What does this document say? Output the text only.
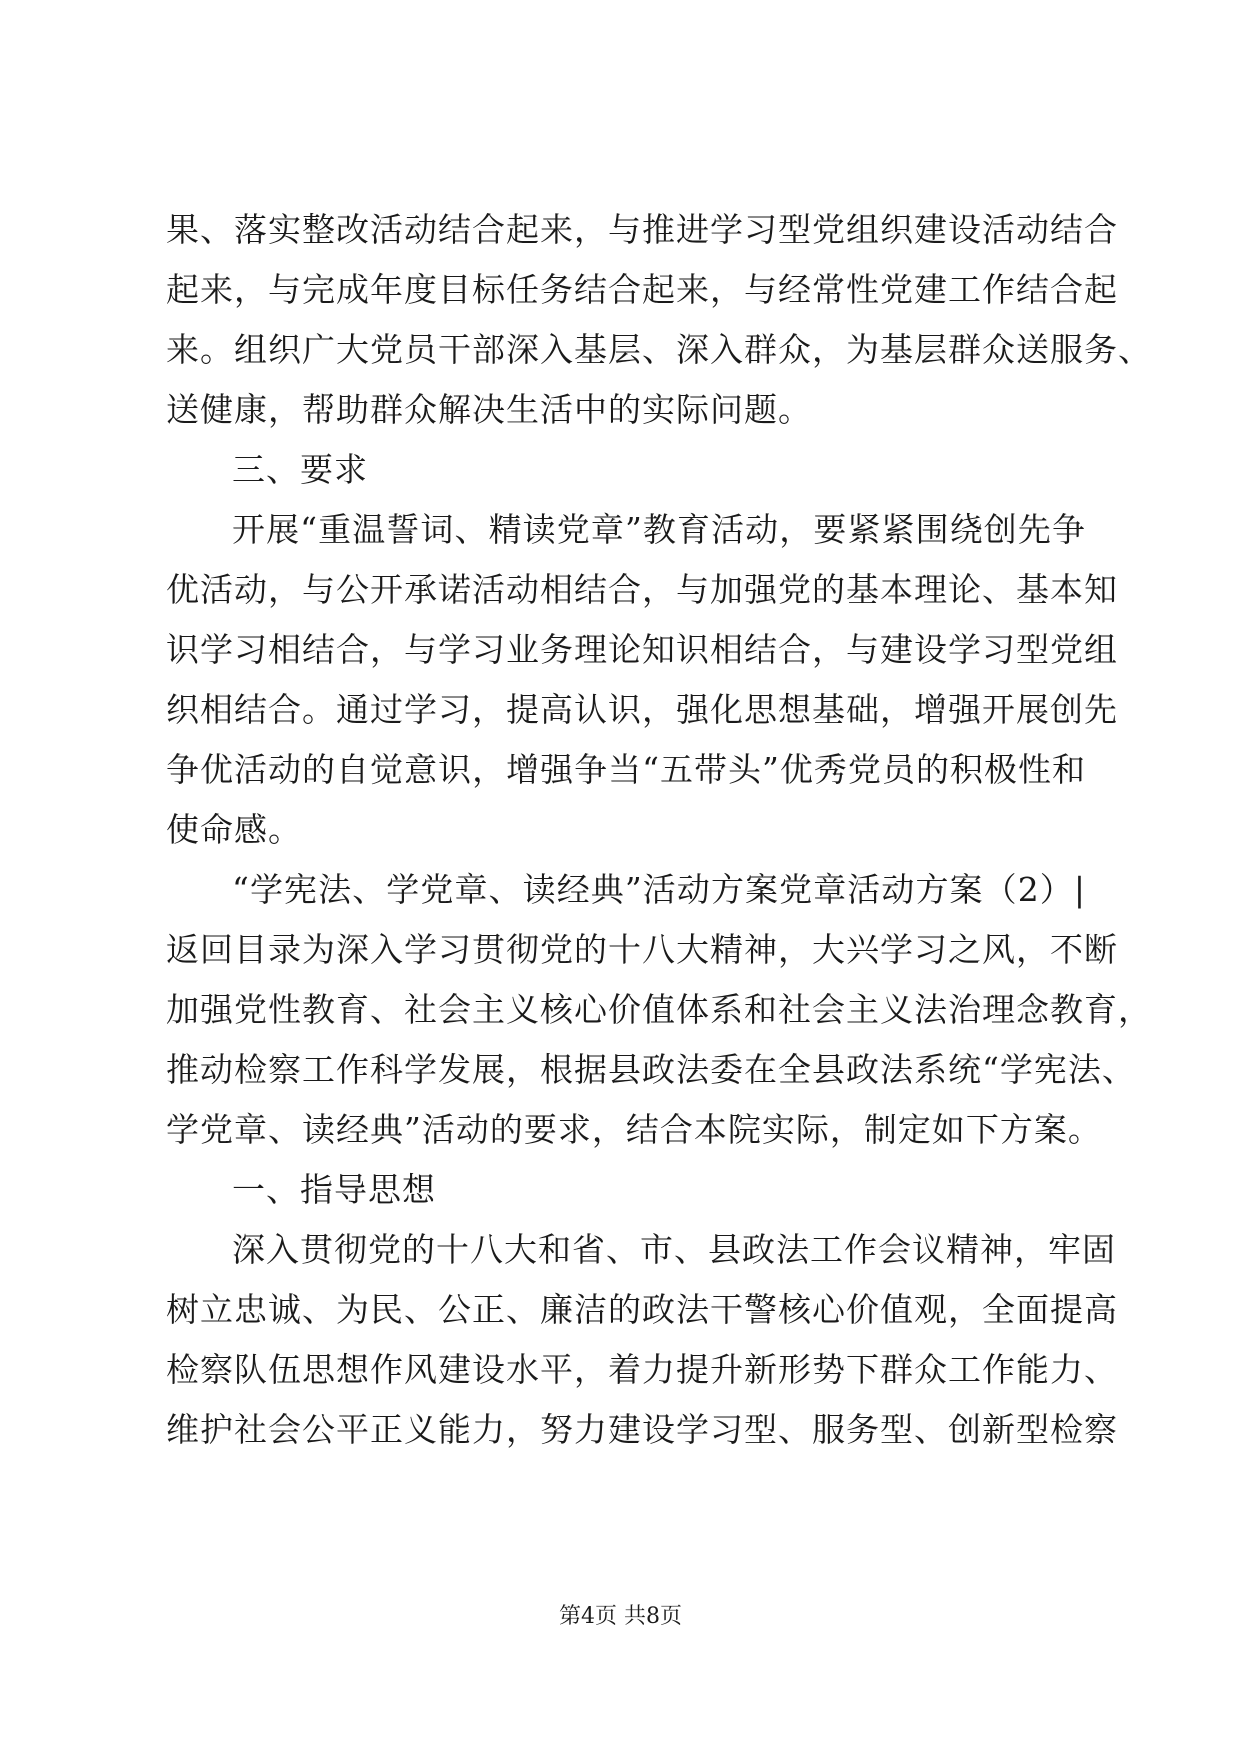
果、落实整改活动结合起来，与推进学习型党组织建设活动结合
起来，与完成年度目标任务结合起来，与经常性党建工作结合起
来。组织广大党员干部深入基层、深入群众，为基层群众送服务、
送健康，帮助群众解决生活中的实际问题。
三、要求
开展“重温誓词、精读党章”教育活动，要紧紧围绕创先争
优活动，与公开承诺活动相结合，与加强党的基本理论、基本知
识学习相结合，与学习业务理论知识相结合，与建设学习型党组
织相结合。通过学习，提高认识，强化思想基础，增强开展创先
争优活动的自觉意识，增强争当“五带头”优秀党员的积极性和
使命感。
“学宪法、学党章、读经典”活动方案党章活动方案（2）|
返回目录为深入学习贯彻党的十八大精神，大兴学习之风，不断
加强党性教育、社会主义核心价值体系和社会主义法治理念教育，
推动检察工作科学发展，根据县政法委在全县政法系统“学宪法、
学党章、读经典”活动的要求，结合本院实际，制定如下方案。
一、指导思想
深入贯彻党的十八大和省、市、县政法工作会议精神，牢固
树立忠诚、为民、公正、廉洁的政法干警核心价值观，全面提高
检察队伍思想作风建设水平，着力提升新形势下群众工作能力、
维护社会公平正义能力，努力建设学习型、服务型、创新型检察
第4页 共8页
